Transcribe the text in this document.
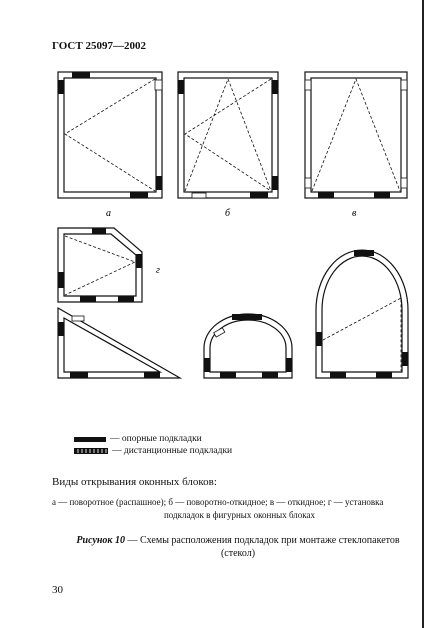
ГОСТ 25097—2002
а	б	в
г
— опорные подкладки
— дистанционные подкладки
Виды открывания оконных блоков:
а — поворотное (распашное); б — поворотно-откидное; в — откидное; г — установка
подкладок в фигурных оконных блоках
Рисунок 10 — Схемы расположения подкладок при монтаже стеклопакетов
(стекол)
30
